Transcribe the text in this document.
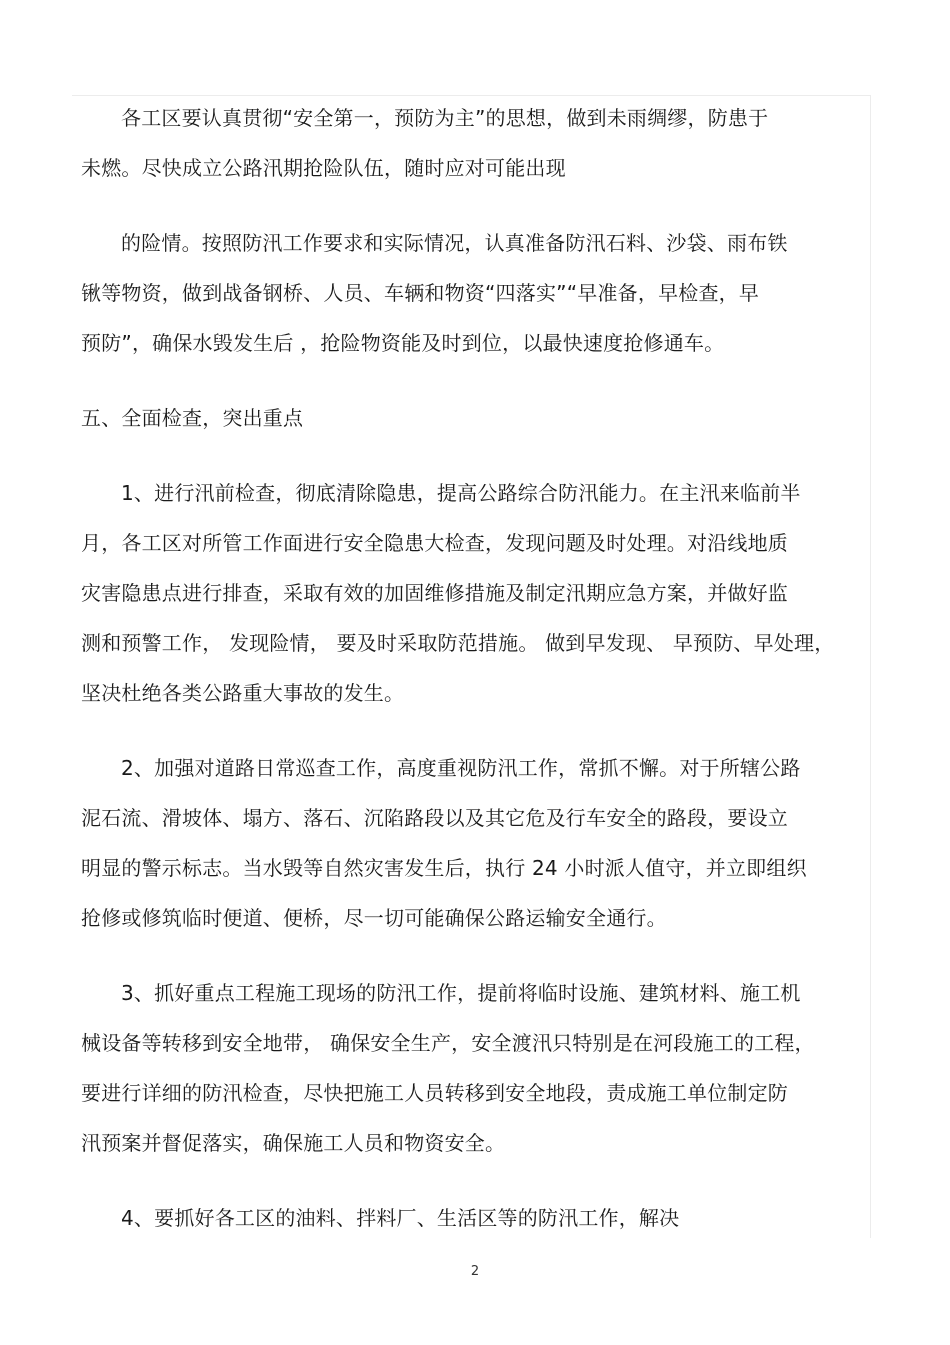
各工区要认真贯彻“安全第一，预防为主”的思想，做到未雨绸缪，防患于
未燃。尽快成立公路汛期抢险队伍，随时应对可能出现
的险情。按照防汛工作要求和实际情况，认真准备防汛石料、沙袋、雨布铁
锹等物资，做到战备钢桥、人员、车辆和物资“四落实”“早准备，早检查，早
预防”，确保水毁发生后 ，抢险物资能及时到位，以最快速度抢修通车。
五、全面检查，突出重点
1、进行汛前检查，彻底清除隐患，提高公路综合防汛能力。在主汛来临前半
月，各工区对所管工作面进行安全隐患大检查，发现问题及时处理。对沿线地质
灾害隐患点进行排查，采取有效的加固维修措施及制定汛期应急方案，并做好监
测和预警工作， 发现险情， 要及时采取防范措施。 做到早发现、 早预防、早处理，
坚决杜绝各类公路重大事故的发生。
2、加强对道路日常巡查工作，高度重视防汛工作，常抓不懈。对于所辖公路
泥石流、滑坡体、塌方、落石、沉陷路段以及其它危及行车安全的路段，要设立
明显的警示标志。当水毁等自然灾害发生后，执行 24 小时派人值守，并立即组织
抢修或修筑临时便道、便桥，尽一切可能确保公路运输安全通行。
3、抓好重点工程施工现场的防汛工作，提前将临时设施、建筑材料、施工机
械设备等转移到安全地带， 确保安全生产，安全渡汛只特别是在河段施工的工程，
要进行详细的防汛检查，尽快把施工人员转移到安全地段，责成施工单位制定防
汛预案并督促落实，确保施工人员和物资安全。
4、要抓好各工区的油料、拌料厂、生活区等的防汛工作，解决
2
